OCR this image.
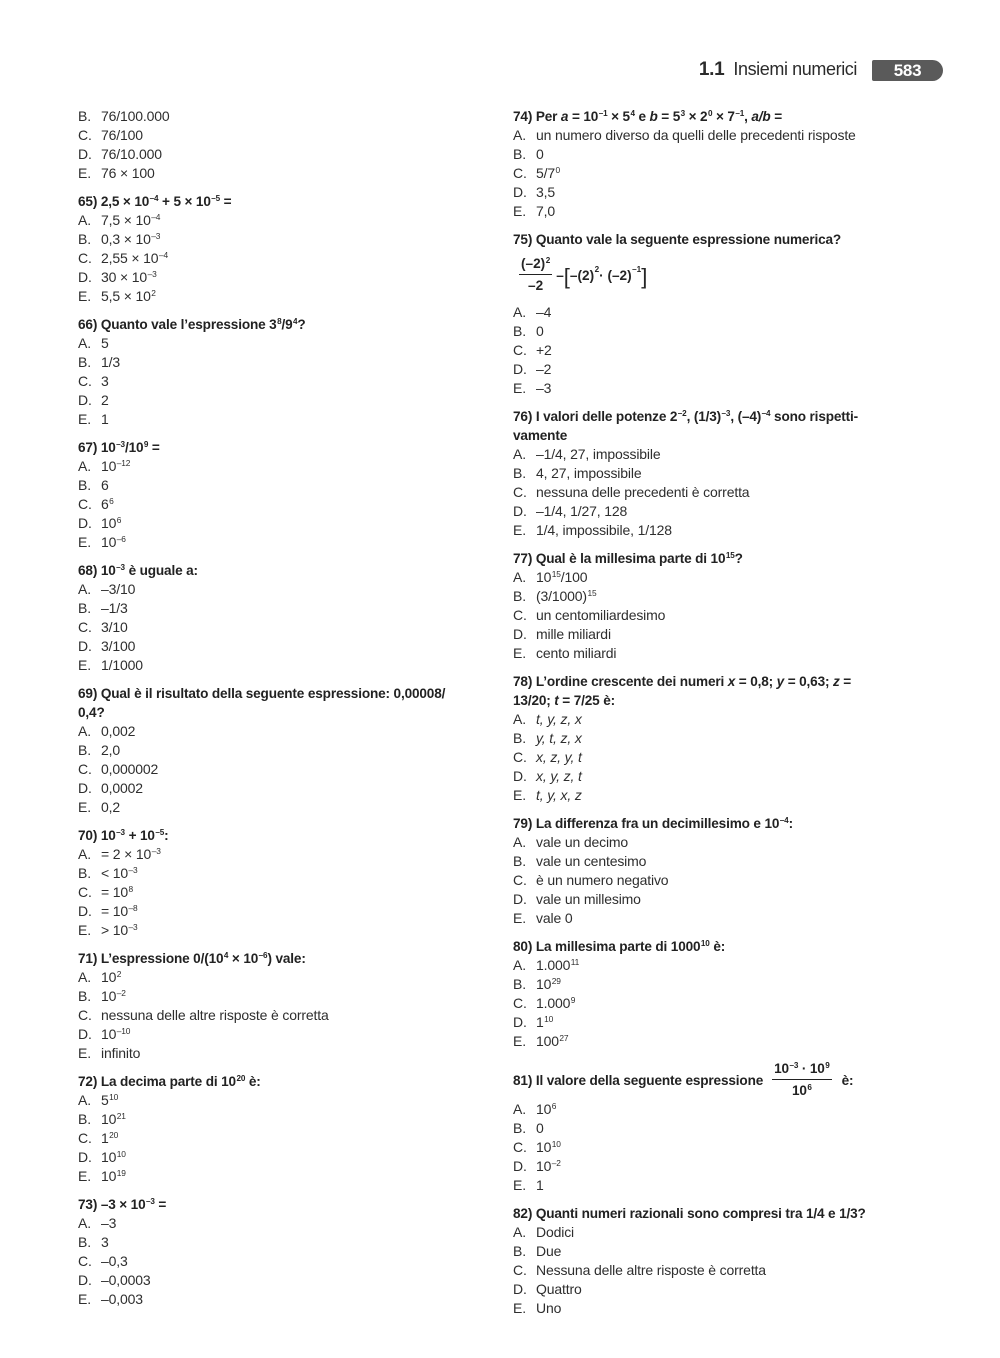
1.1 Insiemi numerici	583
B. 76/100.000
C. 76/100
D. 76/10.000
E. 76 × 100
65) $2,5 \times 10^{-4} + 5 \times 10^{-5}$ =
A. $7,5 \times 10^{-4}$
B. $0,3 \times 10^{-3}$
C. $2,55 \times 10^{-4}$
D. $30 \times 10^{-3}$
E. $5,5 \times 10^2$
66) Quanto vale l’espressione $3^8/9^4$?
A. 5
B. 1/3
C. 3
D. 2
E. 1
67) $10^{-3}/10^9$ =
A. $10^{-12}$
B. 6
C. $6^6$
D. $10^6$
E. $10^{-6}$
68) $10^{-3}$ è uguale a:
A. –3/10
B. –1/3
C. 3/10
D. 3/100
E. 1/1000
69) Qual è il risultato della seguente espressione: 0,00008/
0,4?
A. 0,002
B. 2,0
C. 0,000002
D. 0,0002
E. 0,2
70) $10^{-3} + 10^{-5}$:
A. = $2 \times 10^{-3}$
B. < $10^{-3}$
C. = $10^8$
D. = $10^{-8}$
E. > $10^{-3}$
71) L’espressione $0/(10^4 \times 10^{-6})$ vale:
A. $10^2$
B. $10^{-2}$
C. nessuna delle altre risposte è corretta
D. $10^{-10}$
E. infinito
72) La decima parte di $10^{20}$ è:
A. $5^{10}$
B. $10^{21}$
C. $1^{20}$
D. $10^{10}$
E. $10^{19}$
73) $-3 \times 10^{-3}$ =
A. –3
B. 3
C. –0,3
D. –0,0003
E. –0,003
74) Per $a = 10^{-1} \times 5^4$ e $b = 5^3 \times 2^0 \times 7^{-1}$, a/b =
A. un numero diverso da quelli delle precedenti risposte
B. 0
C. $5/7^0$
D. 3,5
E. 7,0
75) Quanto vale la seguente espressione numerica?
$\frac{(-2)^2}{-2}$ – [ –(2) 2 · (–2) –1 ]
A. –4
B. 0
C. +2
D. –2
E. –3
76) I valori delle potenze $2^{-2}$, $(1/3)^{-3}$, $(-4)^{-4}$ sono rispetti-
vamente
A. –1/4, 27, impossibile
B. 4, 27, impossibile
C. nessuna delle precedenti è corretta
D. –1/4, 1/27, 128
E. 1/4, impossibile, 1/128
77) Qual è la millesima parte di $10^{15}$?
A. $10^{15}/100$
B. $(3/1000)^{15}$
C. un centomiliardesimo
D. mille miliardi
E. cento miliardi
78) L’ordine crescente dei numeri x = 0,8; y = 0,63; z =
13/20; t = 7/25 è:
A. t, y, z, x
B. y, t, z, x
C. x, z, y, t
D. x, y, z, t
E. t, y, x, z
79) La differenza fra un decimillesimo e $10^{-4}$:
A. vale un decimo
B. vale un centesimo
C. è un numero negativo
D. vale un millesimo
E. vale 0
80) La millesima parte di 1000$^{10}$ è:
A. 1.000$^{11}$
B. $10^{29}$
C. 1.000$^9$
D. $1^{10}$
E. $100^{27}$
81) Il valore della seguente espressione $\frac{10^{-3} \cdot 10^9}{10^6}$ è:
A. $10^6$
B. 0
C. $10^{10}$
D. $10^{-2}$
E. 1
82) Quanti numeri razionali sono compresi tra 1/4 e 1/3?
A. Dodici
B. Due
C. Nessuna delle altre risposte è corretta
D. Quattro
E. Uno
